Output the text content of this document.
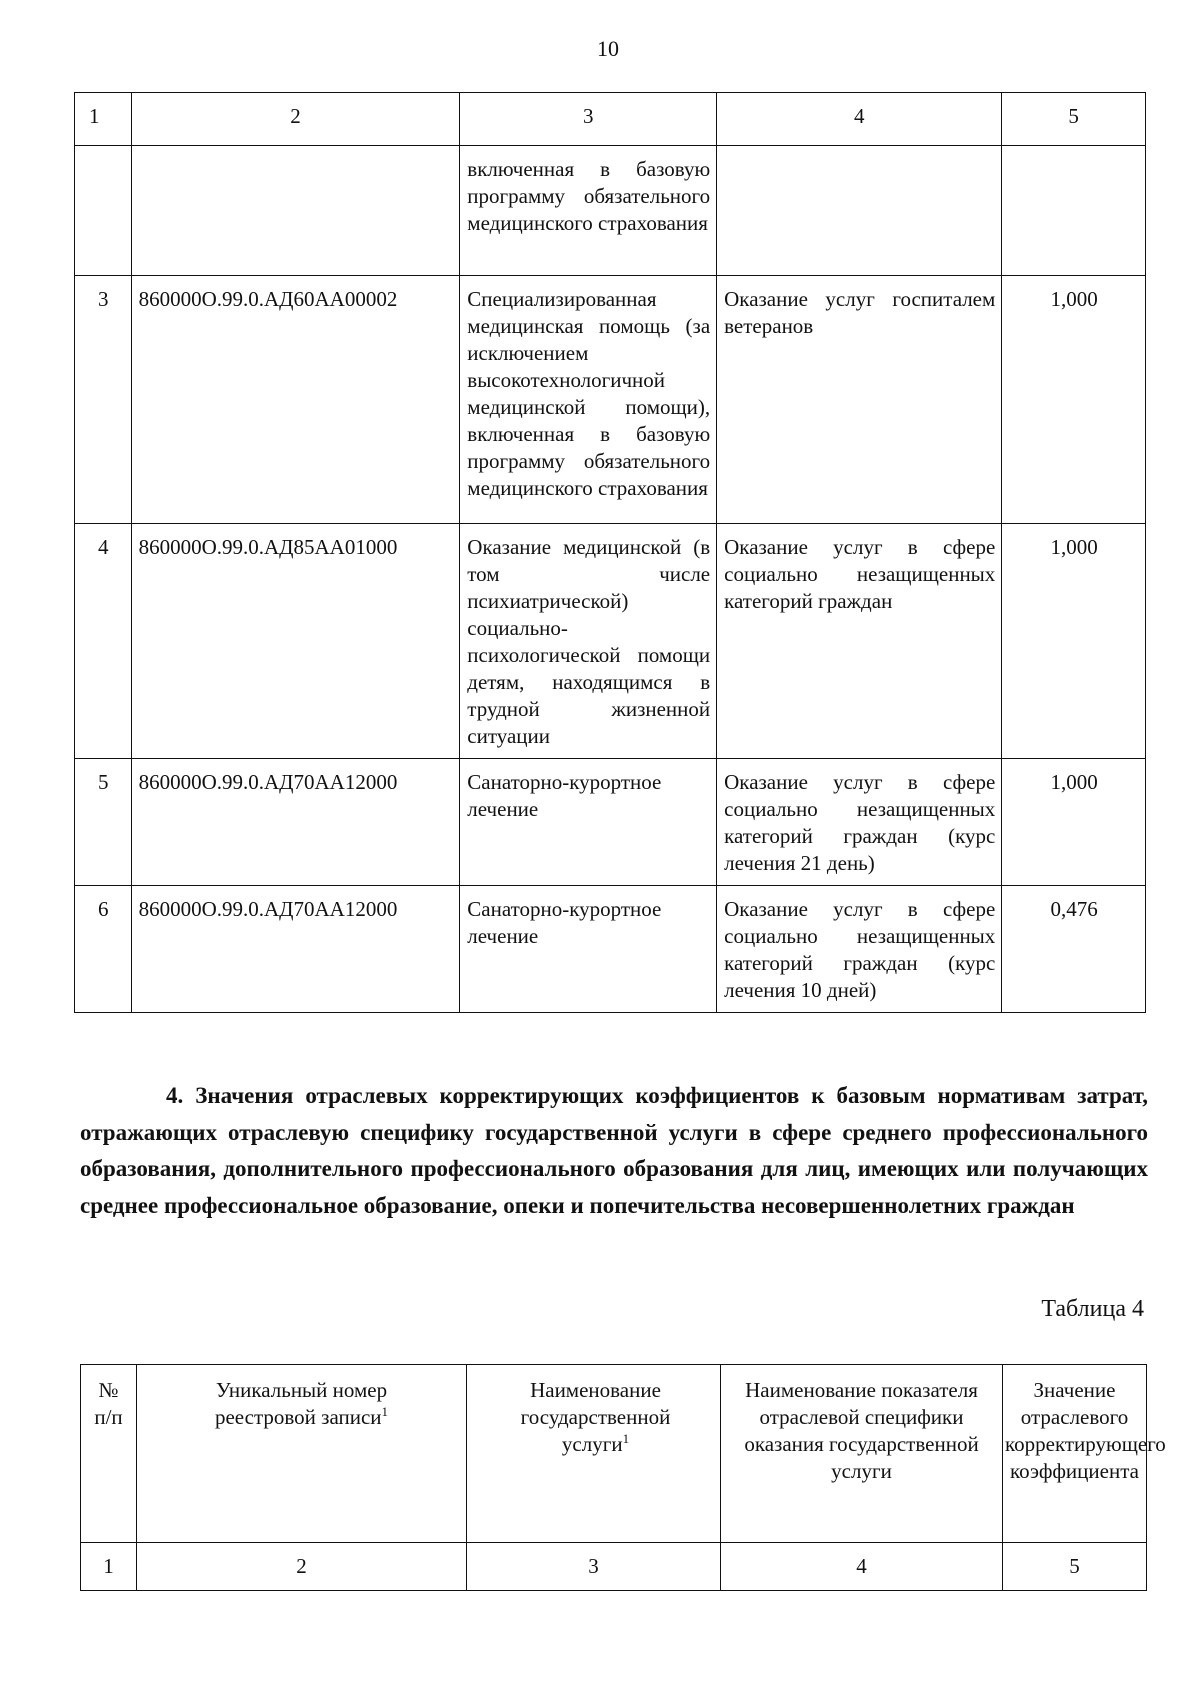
10
1	2	3	4	5
		включенная в базовую программу обязательного медицинского страхования		
3	860000О.99.0.АД60АА00002	Специализированная медицинская помощь (за исключением высокотехнологичной медицинской помощи), включенная в базовую программу обязательного медицинского страхования	Оказание услуг госпиталем ветеранов	1,000
4	860000О.99.0.АД85АА01000	Оказание медицинской (в том числе психиатрической) социально-психологической помощи детям, находящимся в трудной жизненной ситуации	Оказание услуг в сфере социально незащищенных категорий граждан	1,000
5	860000О.99.0.АД70АА12000	Санаторно-курортное лечение	Оказание услуг в сфере социально незащищенных категорий граждан (курс лечения 21 день)	1,000
6	860000О.99.0.АД70АА12000	Санаторно-курортное лечение	Оказание услуг в сфере социально незащищенных категорий граждан (курс лечения 10 дней)	0,476

4. Значения отраслевых корректирующих коэффициентов к базовым нормативам затрат, отражающих отраслевую специфику государственной услуги в сфере среднего профессионального образования, дополнительного профессионального образования для лиц, имеющих или получающих среднее профессиональное образование, опеки и попечительства несовершеннолетних граждан

Таблица 4
№
п/п	Уникальный номер реестровой записи$^1$	Наименование государственной услуги$^1$	Наименование показателя отраслевой специфики оказания государственной услуги	Значение отраслевого корректирующего коэффициента
1	2	3	4	5
